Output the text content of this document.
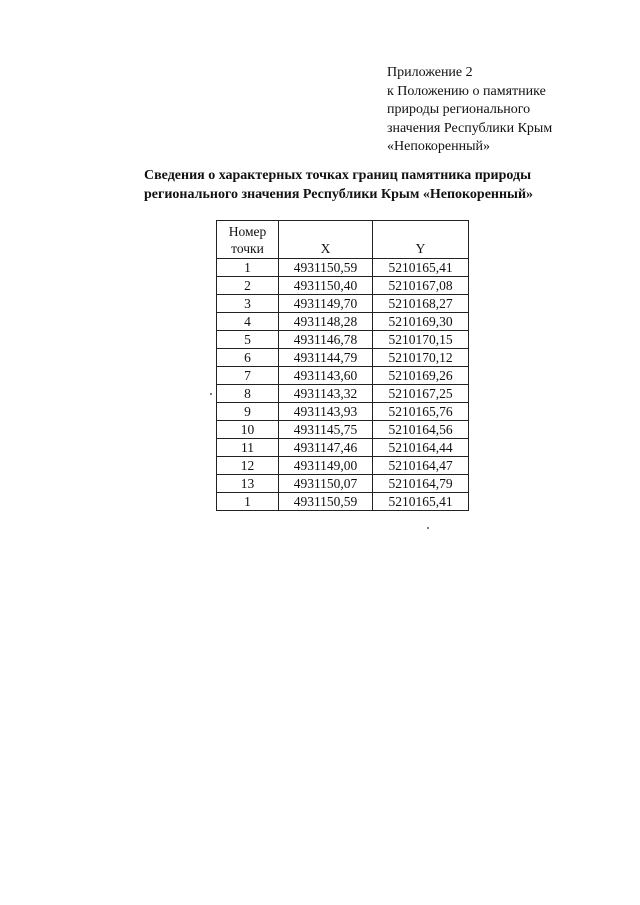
Приложение 2
к Положению о памятнике
природы регионального
значения Республики Крым
«Непокоренный»
Сведения о характерных точках границ памятника природы
регионального значения Республики Крым «Непокоренный»
Номер
точки	X	Y
1	4931150,59	5210165,41
2	4931150,40	5210167,08
3	4931149,70	5210168,27
4	4931148,28	5210169,30
5	4931146,78	5210170,15
6	4931144,79	5210170,12
7	4931143,60	5210169,26
8	4931143,32	5210167,25
9	4931143,93	5210165,76
10	4931145,75	5210164,56
11	4931147,46	5210164,44
12	4931149,00	5210164,47
13	4931150,07	5210164,79
1	4931150,59	5210165,41
